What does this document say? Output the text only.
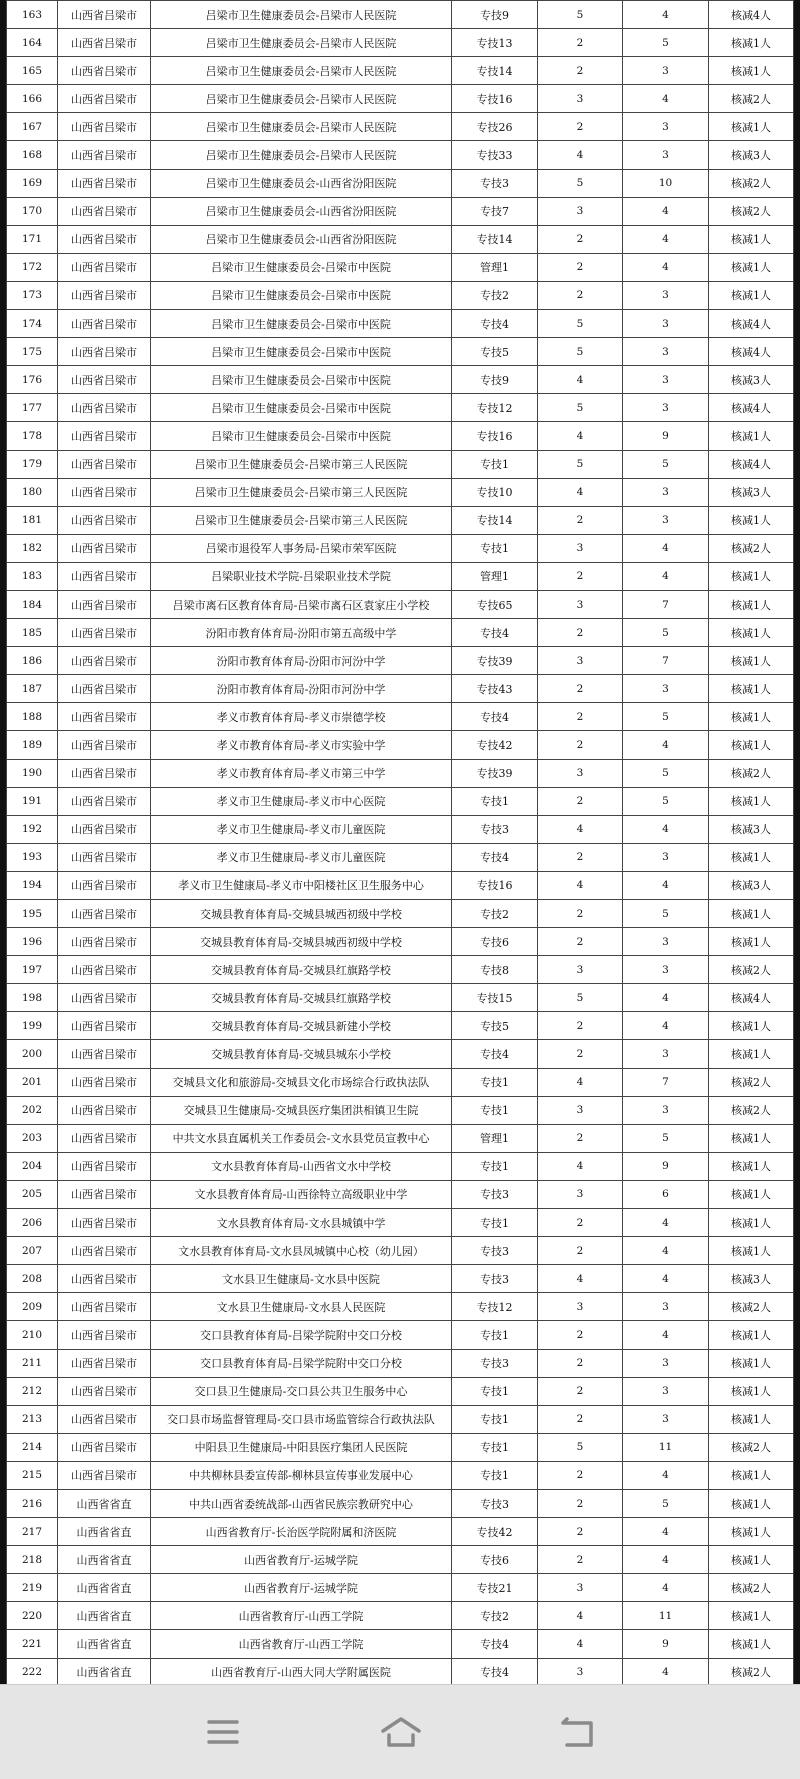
163	山西省吕梁市	吕梁市卫生健康委员会-吕梁市人民医院	专技9	5	4	核减4人
164	山西省吕梁市	吕梁市卫生健康委员会-吕梁市人民医院	专技13	2	5	核减1人
165	山西省吕梁市	吕梁市卫生健康委员会-吕梁市人民医院	专技14	2	3	核减1人
166	山西省吕梁市	吕梁市卫生健康委员会-吕梁市人民医院	专技16	3	4	核减2人
167	山西省吕梁市	吕梁市卫生健康委员会-吕梁市人民医院	专技26	2	3	核减1人
168	山西省吕梁市	吕梁市卫生健康委员会-吕梁市人民医院	专技33	4	3	核减3人
169	山西省吕梁市	吕梁市卫生健康委员会-山西省汾阳医院	专技3	5	10	核减2人
170	山西省吕梁市	吕梁市卫生健康委员会-山西省汾阳医院	专技7	3	4	核减2人
171	山西省吕梁市	吕梁市卫生健康委员会-山西省汾阳医院	专技14	2	4	核减1人
172	山西省吕梁市	吕梁市卫生健康委员会-吕梁市中医院	管理1	2	4	核减1人
173	山西省吕梁市	吕梁市卫生健康委员会-吕梁市中医院	专技2	2	3	核减1人
174	山西省吕梁市	吕梁市卫生健康委员会-吕梁市中医院	专技4	5	3	核减4人
175	山西省吕梁市	吕梁市卫生健康委员会-吕梁市中医院	专技5	5	3	核减4人
176	山西省吕梁市	吕梁市卫生健康委员会-吕梁市中医院	专技9	4	3	核减3人
177	山西省吕梁市	吕梁市卫生健康委员会-吕梁市中医院	专技12	5	3	核减4人
178	山西省吕梁市	吕梁市卫生健康委员会-吕梁市中医院	专技16	4	9	核减1人
179	山西省吕梁市	吕梁市卫生健康委员会-吕梁市第三人民医院	专技1	5	5	核减4人
180	山西省吕梁市	吕梁市卫生健康委员会-吕梁市第三人民医院	专技10	4	3	核减3人
181	山西省吕梁市	吕梁市卫生健康委员会-吕梁市第三人民医院	专技14	2	3	核减1人
182	山西省吕梁市	吕梁市退役军人事务局-吕梁市荣军医院	专技1	3	4	核减2人
183	山西省吕梁市	吕梁职业技术学院-吕梁职业技术学院	管理1	2	4	核减1人
184	山西省吕梁市	吕梁市离石区教育体育局-吕梁市离石区袁家庄小学校	专技65	3	7	核减1人
185	山西省吕梁市	汾阳市教育体育局-汾阳市第五高级中学	专技4	2	5	核减1人
186	山西省吕梁市	汾阳市教育体育局-汾阳市河汾中学	专技39	3	7	核减1人
187	山西省吕梁市	汾阳市教育体育局-汾阳市河汾中学	专技43	2	3	核减1人
188	山西省吕梁市	孝义市教育体育局-孝义市崇德学校	专技4	2	5	核减1人
189	山西省吕梁市	孝义市教育体育局-孝义市实验中学	专技42	2	4	核减1人
190	山西省吕梁市	孝义市教育体育局-孝义市第三中学	专技39	3	5	核减2人
191	山西省吕梁市	孝义市卫生健康局-孝义市中心医院	专技1	2	5	核减1人
192	山西省吕梁市	孝义市卫生健康局-孝义市儿童医院	专技3	4	4	核减3人
193	山西省吕梁市	孝义市卫生健康局-孝义市儿童医院	专技4	2	3	核减1人
194	山西省吕梁市	孝义市卫生健康局-孝义市中阳楼社区卫生服务中心	专技16	4	4	核减3人
195	山西省吕梁市	交城县教育体育局-交城县城西初级中学校	专技2	2	5	核减1人
196	山西省吕梁市	交城县教育体育局-交城县城西初级中学校	专技6	2	3	核减1人
197	山西省吕梁市	交城县教育体育局-交城县红旗路学校	专技8	3	3	核减2人
198	山西省吕梁市	交城县教育体育局-交城县红旗路学校	专技15	5	4	核减4人
199	山西省吕梁市	交城县教育体育局-交城县新建小学校	专技5	2	4	核减1人
200	山西省吕梁市	交城县教育体育局-交城县城东小学校	专技4	2	3	核减1人
201	山西省吕梁市	交城县文化和旅游局-交城县文化市场综合行政执法队	专技1	4	7	核减2人
202	山西省吕梁市	交城县卫生健康局-交城县医疗集团洪相镇卫生院	专技1	3	3	核减2人
203	山西省吕梁市	中共文水县直属机关工作委员会-文水县党员宣教中心	管理1	2	5	核减1人
204	山西省吕梁市	文水县教育体育局-山西省文水中学校	专技1	4	9	核减1人
205	山西省吕梁市	文水县教育体育局-山西徐特立高级职业中学	专技3	3	6	核减1人
206	山西省吕梁市	文水县教育体育局-文水县城镇中学	专技1	2	4	核减1人
207	山西省吕梁市	文水县教育体育局-文水县凤城镇中心校（幼儿园）	专技3	2	4	核减1人
208	山西省吕梁市	文水县卫生健康局-文水县中医院	专技3	4	4	核减3人
209	山西省吕梁市	文水县卫生健康局-文水县人民医院	专技12	3	3	核减2人
210	山西省吕梁市	交口县教育体育局-吕梁学院附中交口分校	专技1	2	4	核减1人
211	山西省吕梁市	交口县教育体育局-吕梁学院附中交口分校	专技3	2	3	核减1人
212	山西省吕梁市	交口县卫生健康局-交口县公共卫生服务中心	专技1	2	3	核减1人
213	山西省吕梁市	交口县市场监督管理局-交口县市场监管综合行政执法队	专技1	2	3	核减1人
214	山西省吕梁市	中阳县卫生健康局-中阳县医疗集团人民医院	专技1	5	11	核减2人
215	山西省吕梁市	中共柳林县委宣传部-柳林县宣传事业发展中心	专技1	2	4	核减1人
216	山西省省直	中共山西省委统战部-山西省民族宗教研究中心	专技3	2	5	核减1人
217	山西省省直	山西省教育厅-长治医学院附属和济医院	专技42	2	4	核减1人
218	山西省省直	山西省教育厅-运城学院	专技6	2	4	核减1人
219	山西省省直	山西省教育厅-运城学院	专技21	3	4	核减2人
220	山西省省直	山西省教育厅-山西工学院	专技2	4	11	核减1人
221	山西省省直	山西省教育厅-山西工学院	专技4	4	9	核减1人
222	山西省省直	山西省教育厅-山西大同大学附属医院	专技4	3	4	核减2人
